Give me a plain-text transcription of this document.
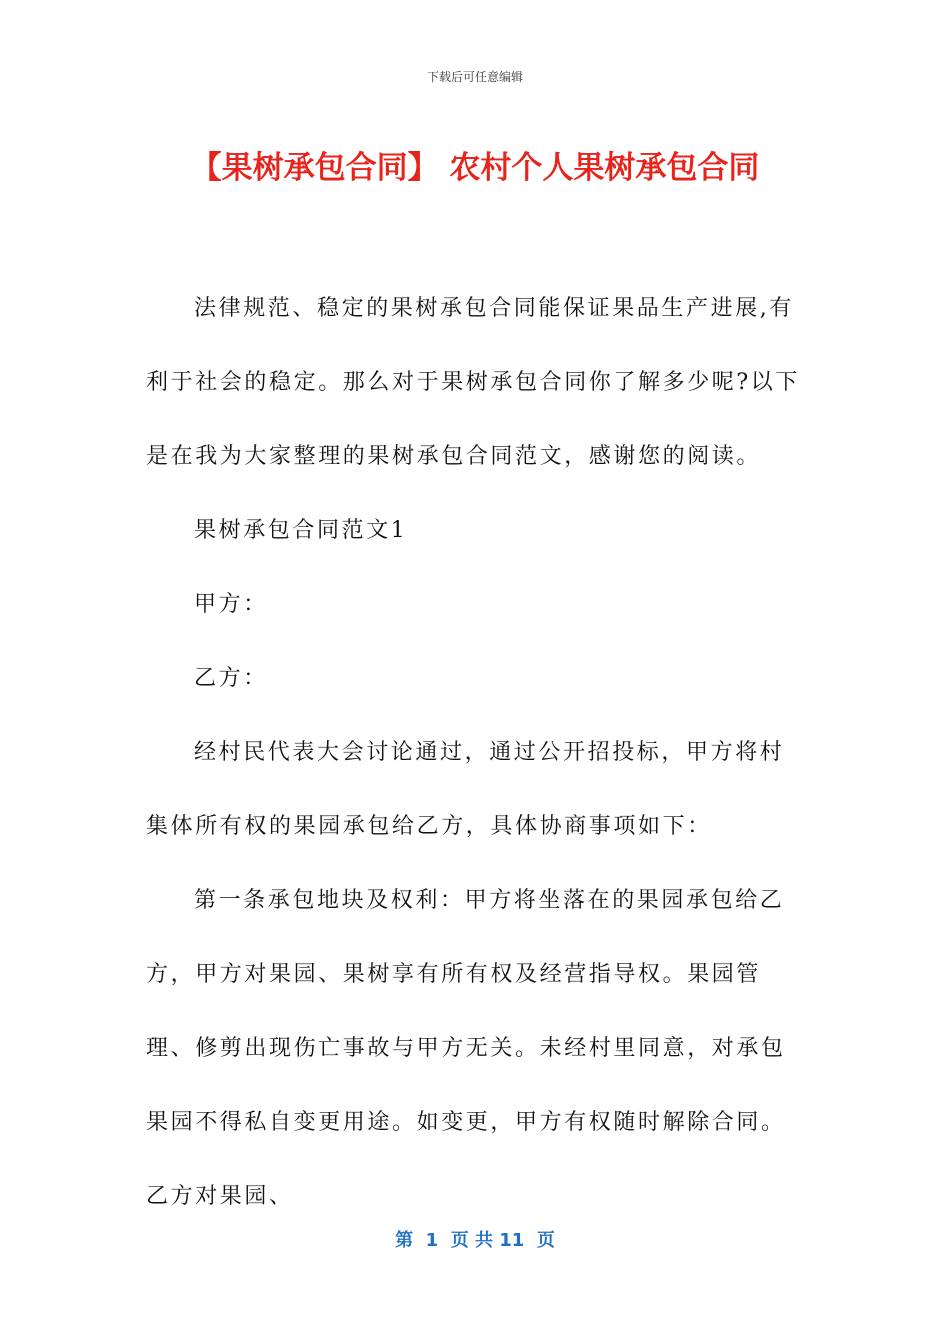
下载后可任意编辑
【果树承包合同】 农村个人果树承包合同

法律规范、稳定的果树承包合同能保证果品生产进展,有利于社会的稳定。那么对于果树承包合同你了解多少呢?以下是在我为大家整理的果树承包合同范文，感谢您的阅读。

果树承包合同范文1

甲方：

乙方：

经村民代表大会讨论通过，通过公开招投标，甲方将村集体所有权的果园承包给乙方，具体协商事项如下：

第一条承包地块及权利：甲方将坐落在的果园承包给乙方，甲方对果园、果树享有所有权及经营指导权。果园管理、修剪出现伤亡事故与甲方无关。未经村里同意，对承包果园不得私自变更用途。如变更，甲方有权随时解除合同。乙方对果园、

第  1  页 共 11  页
